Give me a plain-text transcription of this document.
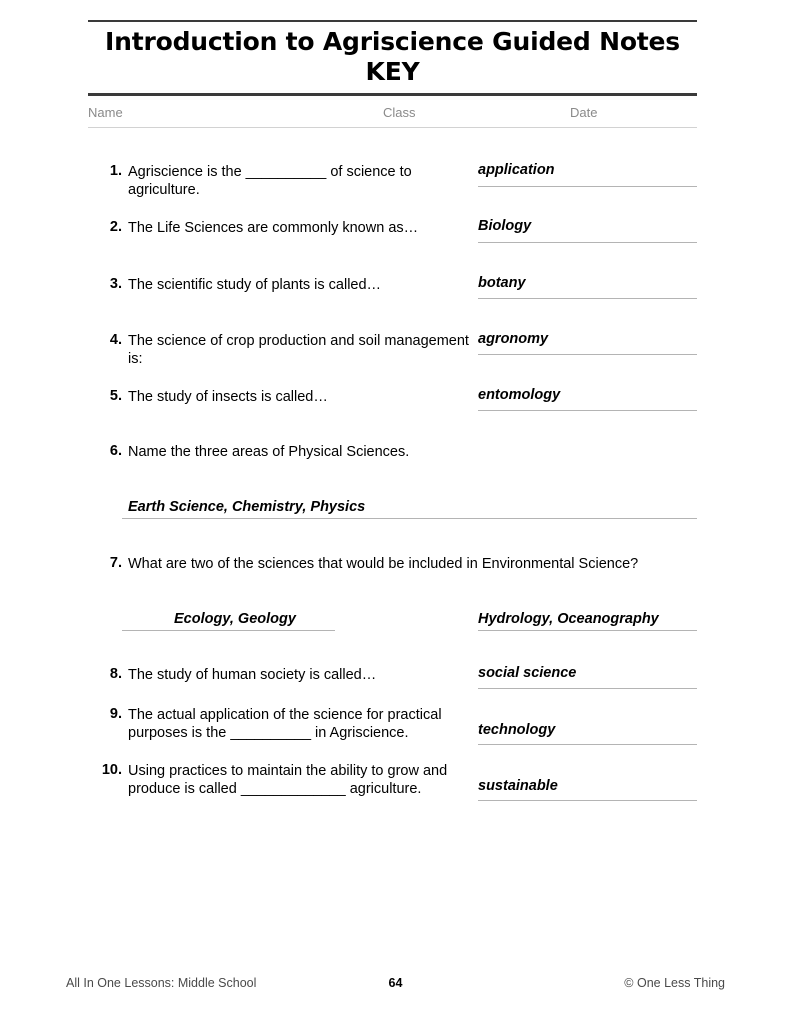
Introduction to Agriscience Guided Notes KEY
Name	Class	Date
1. Agriscience is the __________ of science to agriculture.
application
2. The Life Sciences are commonly known as…	Biology
3. The scientific study of plants is called…	botany
4. The science of crop production and soil management is:
agronomy
5. The study of insects is called…	entomology
6. Name the three areas of Physical Sciences.
Earth Science, Chemistry, Physics
7. What are two of the sciences that would be included in Environmental Science?
Ecology, Geology	Hydrology, Oceanography
8. The study of human society is called…	social science
9. The actual application of the science for practical purposes is the __________ in Agriscience.	technology
10. Using practices to maintain the ability to grow and produce is called _____________ agriculture.	sustainable
All In One Lessons: Middle School	64	© One Less Thing
